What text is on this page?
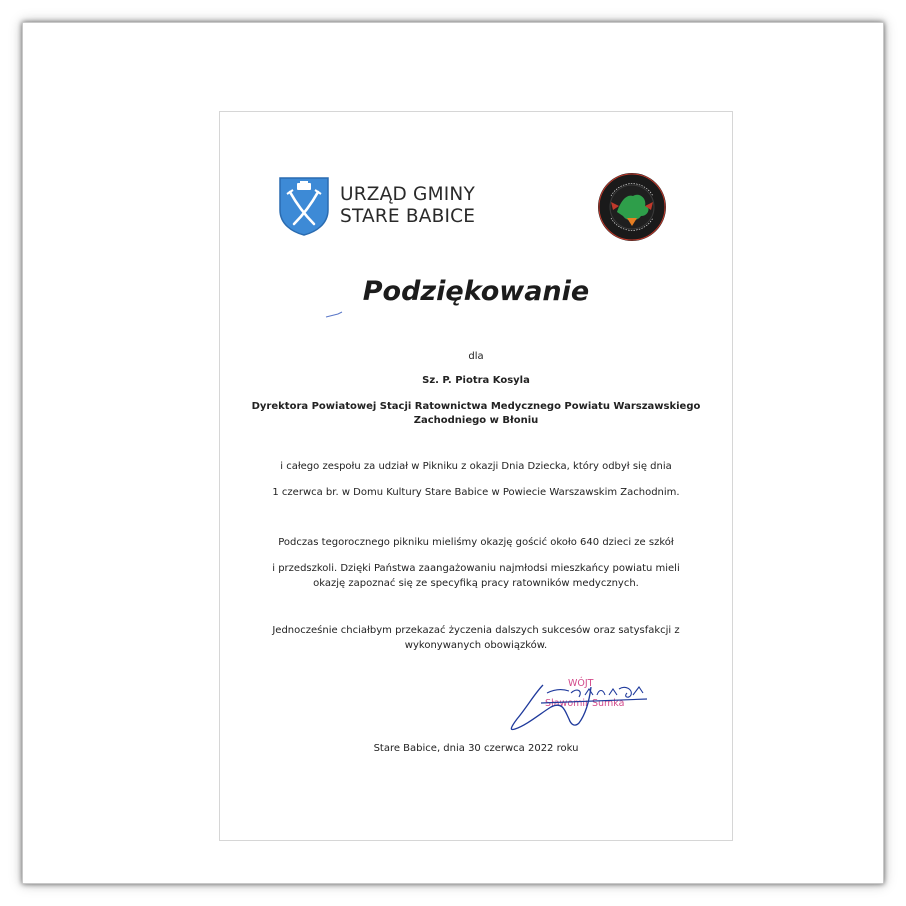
URZĄD GMINY
STARE BABICE
Podziękowanie
dla
Sz. P. Piotra Kosyla
Dyrektora Powiatowej Stacji Ratownictwa Medycznego Powiatu Warszawskiego
Zachodniego w Błoniu
i całego zespołu za udział w Pikniku z okazji Dnia Dziecka, który odbył się dnia
1 czerwca br. w Domu Kultury Stare Babice w Powiecie Warszawskim Zachodnim.
Podczas tegorocznego pikniku mieliśmy okazję gościć około 640 dzieci ze szkół
i przedszkoli. Dzięki Państwa zaangażowaniu najmłodsi mieszkańcy powiatu mieli
okazję zapoznać się ze specyfiką pracy ratowników medycznych.
Jednocześnie chciałbym przekazać życzenia dalszych sukcesów oraz satysfakcji z
wykonywanych obowiązków.
WÓJT
Sławomir Sumka
Stare Babice, dnia 30 czerwca 2022 roku
